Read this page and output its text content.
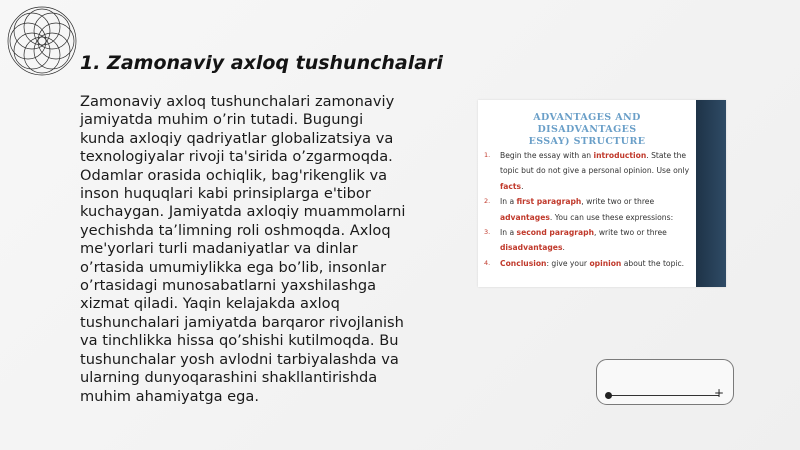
1. Zamonaviy axloq tushunchalari
Zamonaviy axloq tushunchalari zamonaviy jamiyatda muhim o’rin tutadi. Bugungi kunda axloqiy qadriyatlar globalizatsiya va texnologiyalar rivoji ta'sirida o’zgarmoqda. Odamlar orasida ochiqlik, bag'rikenglik va inson huquqlari kabi prinsiplarga e'tibor kuchaygan. Jamiyatda axloqiy muammolarni yechishda ta’limning roli oshmoqda. Axloq me'yorlari turli madaniyatlar va dinlar o’rtasida umumiylikka ega bo’lib, insonlar o’rtasidagi munosabatlarni yaxshilashga xizmat qiladi. Yaqin kelajakda axloq tushunchalari jamiyatda barqaror rivojlanish va tinchlikka hissa qo’shishi kutilmoqda. Bu tushunchalar yosh avlodni tarbiyalashda va ularning dunyoqarashini shakllantirishda muhim ahamiyatga ega.
ADVANTAGES AND DISADVANTAGES
ESSAY) STRUCTURE
1. Begin the essay with an introduction. State the topic but do not give a personal opinion. Use only facts.
2. In a first paragraph, write two or three advantages. You can use these expressions:
3. In a second paragraph, write two or three disadvantages.
4. Conclusion: give your opinion about the topic.
+
